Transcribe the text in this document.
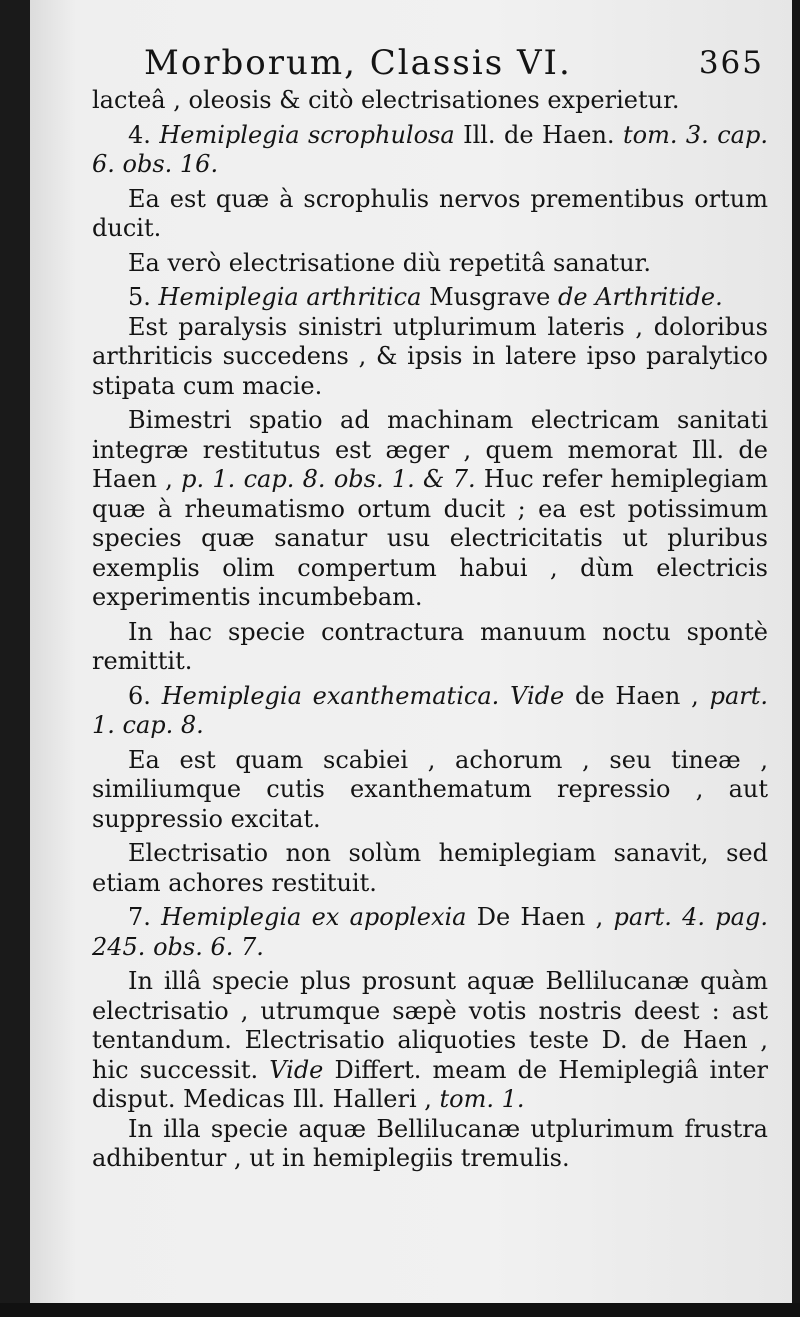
Morborum, Classis VI.	365

lacteâ , oleosis & citò electrisationes experietur.

4. Hemiplegia scrophulosa Ill. de Haen. tom. 3. cap. 6. obs. 16.

Ea est quæ à scrophulis nervos prementibus ortum ducit.

Ea verò electrisatione diù repetitâ sanatur.

5. Hemiplegia arthritica Musgrave de Arthritide.

Est paralysis sinistri utplurimum lateris , doloribus arthriticis succedens , & ipsis in latere ipso paralytico stipata cum macie.

Bimestri spatio ad machinam electricam sanitati integræ restitutus est æger , quem memorat Ill. de Haen , p. 1. cap. 8. obs. 1. & 7. Huc refer hemiplegiam quæ à rheumatismo ortum ducit ; ea est potissimum species quæ sanatur usu electricitatis ut pluribus exemplis olim compertum habui , dùm electricis experimentis incumbebam.

In hac specie contractura manuum noctu spontè remittit.

6. Hemiplegia exanthematica. Vide de Haen , part. 1. cap. 8.

Ea est quam scabiei , achorum , seu tineæ , similiumque cutis exanthematum repressio , aut suppressio excitat.

Electrisatio non solùm hemiplegiam sanavit, sed etiam achores restituit.

7. Hemiplegia ex apoplexia De Haen , part. 4. pag. 245. obs. 6. 7.

In illâ specie plus prosunt aquæ Bellilucanæ quàm electrisatio , utrumque sæpè votis nostris deest : ast tentandum. Electrisatio aliquoties teste D. de Haen , hic successit. Vide Differt. meam de Hemiplegiâ inter disput. Medicas Ill. Halleri , tom. 1.

In illa specie aquæ Bellilucanæ utplurimum frustra adhibentur , ut in hemiplegiis tremulis.
